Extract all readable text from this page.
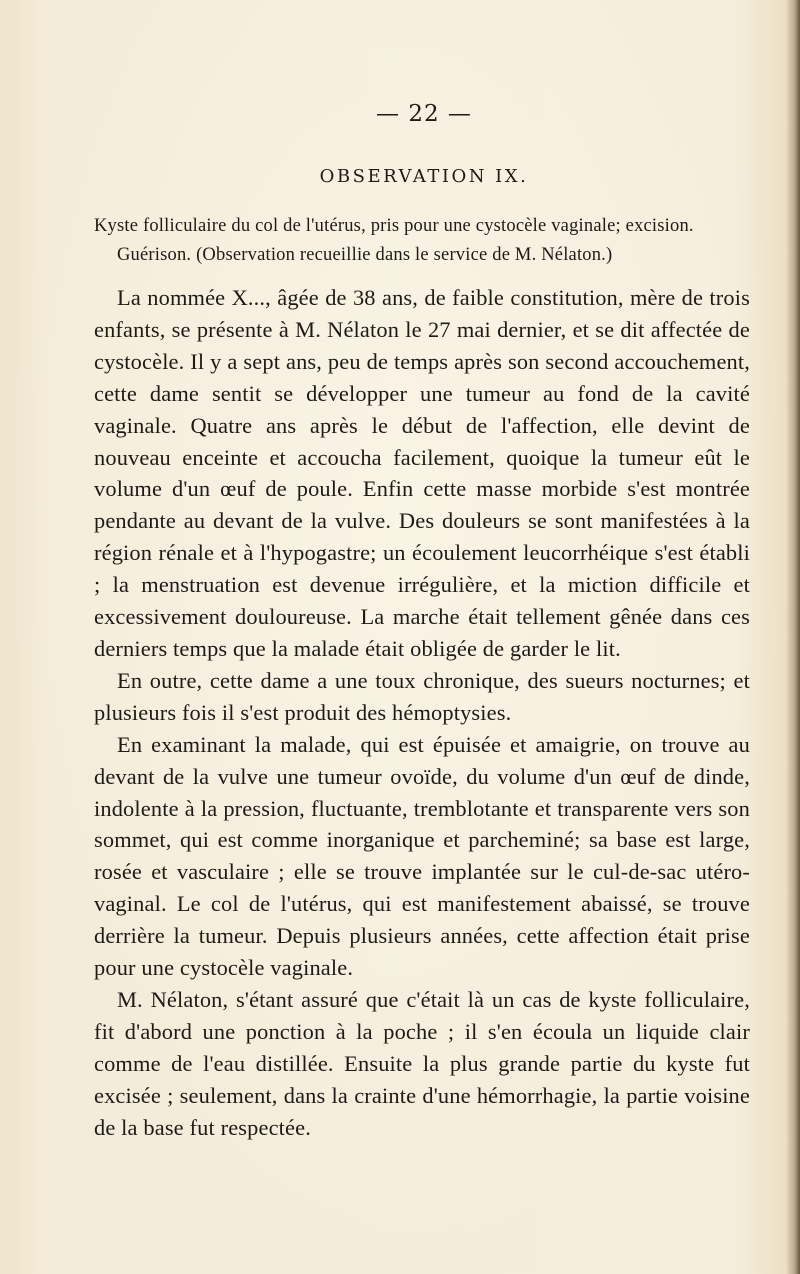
— 22 —
OBSERVATION IX.

Kyste folliculaire du col de l'utérus, pris pour une cystocèle vaginale; excision.
Guérison. (Observation recueillie dans le service de M. Nélaton.)

La nommée X..., âgée de 38 ans, de faible constitution, mère de trois enfants, se présente à M. Nélaton le 27 mai dernier, et se dit affectée de cystocèle. Il y a sept ans, peu de temps après son second accouchement, cette dame sentit se développer une tumeur au fond de la cavité vaginale. Quatre ans après le début de l'affection, elle devint de nouveau enceinte et accoucha facilement, quoique la tumeur eût le volume d'un œuf de poule. Enfin cette masse morbide s'est montrée pendante au devant de la vulve. Des douleurs se sont manifestées à la région rénale et à l'hypogastre; un écoulement leucorrhéique s'est établi ; la menstruation est devenue irrégulière, et la miction difficile et excessivement douloureuse. La marche était tellement gênée dans ces derniers temps que la malade était obligée de garder le lit.

En outre, cette dame a une toux chronique, des sueurs nocturnes; et plusieurs fois il s'est produit des hémoptysies.

En examinant la malade, qui est épuisée et amaigrie, on trouve au devant de la vulve une tumeur ovoïde, du volume d'un œuf de dinde, indolente à la pression, fluctuante, tremblotante et transparente vers son sommet, qui est comme inorganique et parcheminé; sa base est large, rosée et vasculaire ; elle se trouve implantée sur le cul-de-sac utéro-vaginal. Le col de l'utérus, qui est manifestement abaissé, se trouve derrière la tumeur. Depuis plusieurs années, cette affection était prise pour une cystocèle vaginale.

M. Nélaton, s'étant assuré que c'était là un cas de kyste folliculaire, fit d'abord une ponction à la poche ; il s'en écoula un liquide clair comme de l'eau distillée. Ensuite la plus grande partie du kyste fut excisée ; seulement, dans la crainte d'une hémorrhagie, la partie voisine de la base fut respectée.
